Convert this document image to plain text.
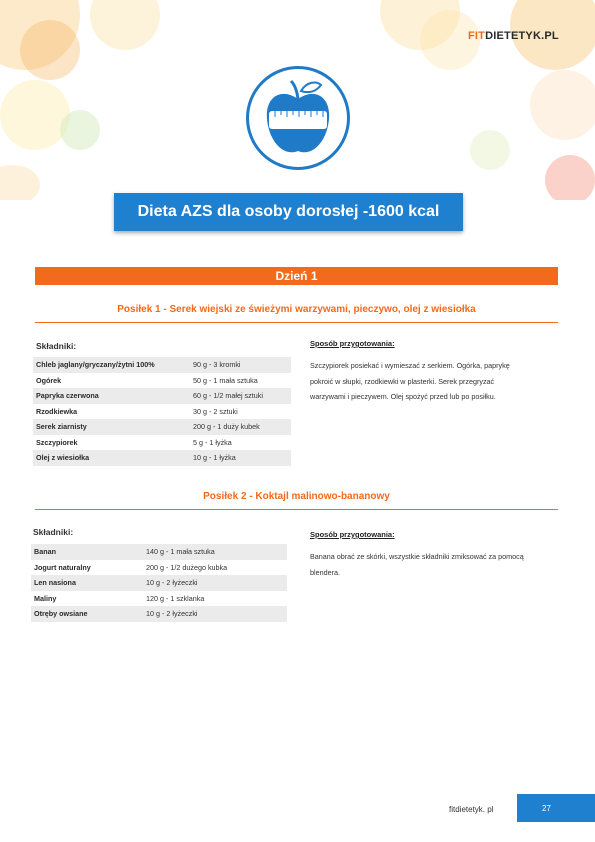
FITDIETETYK.PL
Dieta AZS dla osoby dorosłej -1600 kcal
Dzień 1
Posiłek 1 - Serek wiejski ze świeżymi warzywami, pieczywo, olej z wiesiołka
Składniki:
Chleb jaglany/gryczany/żytni 100%	90 g - 3 kromki
Ogórek	50 g - 1 mała sztuka
Papryka czerwona	60 g - 1/2 małej sztuki
Rzodkiewka	30 g - 2 sztuki
Serek ziarnisty	200 g - 1 duży kubek
Szczypiorek	5 g - 1 łyżka
Olej z wiesiołka	10 g - 1 łyżka
Sposób przygotowania:
Szczypiorek posiekać i wymieszać z serkiem. Ogórka, paprykę
pokroić w słupki, rzodkiewki w plasterki. Serek przegryzać
warzywami i pieczywem. Olej spożyć przed lub po posiłku.
Posiłek 2 - Koktajl malinowo-bananowy
Składniki:
Banan	140 g - 1 mała sztuka
Jogurt naturalny	200 g - 1/2 dużego kubka
Len nasiona	10 g - 2 łyżeczki
Maliny	120 g - 1 szklanka
Otręby owsiane	10 g - 2 łyżeczki
Sposób przygotowania:
Banana obrać ze skórki, wszystkie składniki zmiksować za pomocą
blendera.
fitdietetyk. pl	27
